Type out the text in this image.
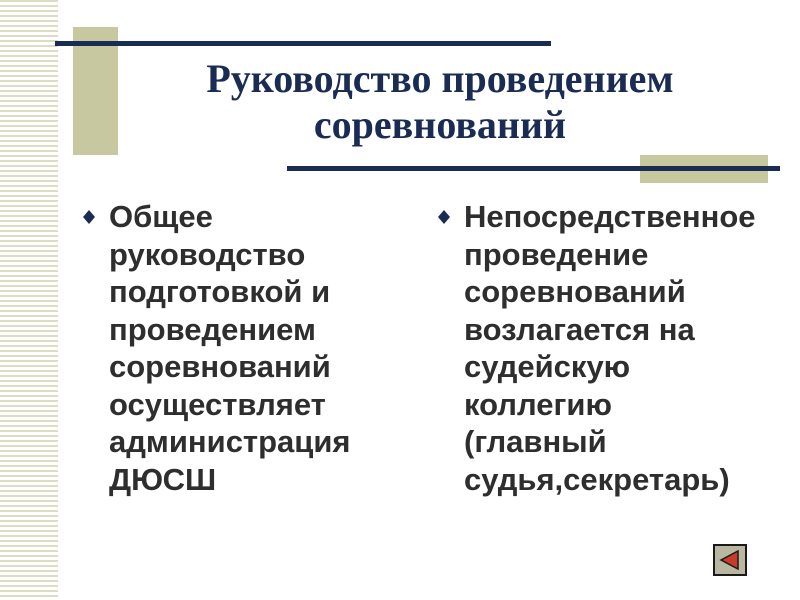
Руководство проведением
соревнований
Общее
руководство
подготовкой и
проведением
соревнований
осуществляет
администрация
ДЮСШ
Непосредственное
проведение
соревнований
возлагается на
судейскую
коллегию
(главный
судья,секретарь)
